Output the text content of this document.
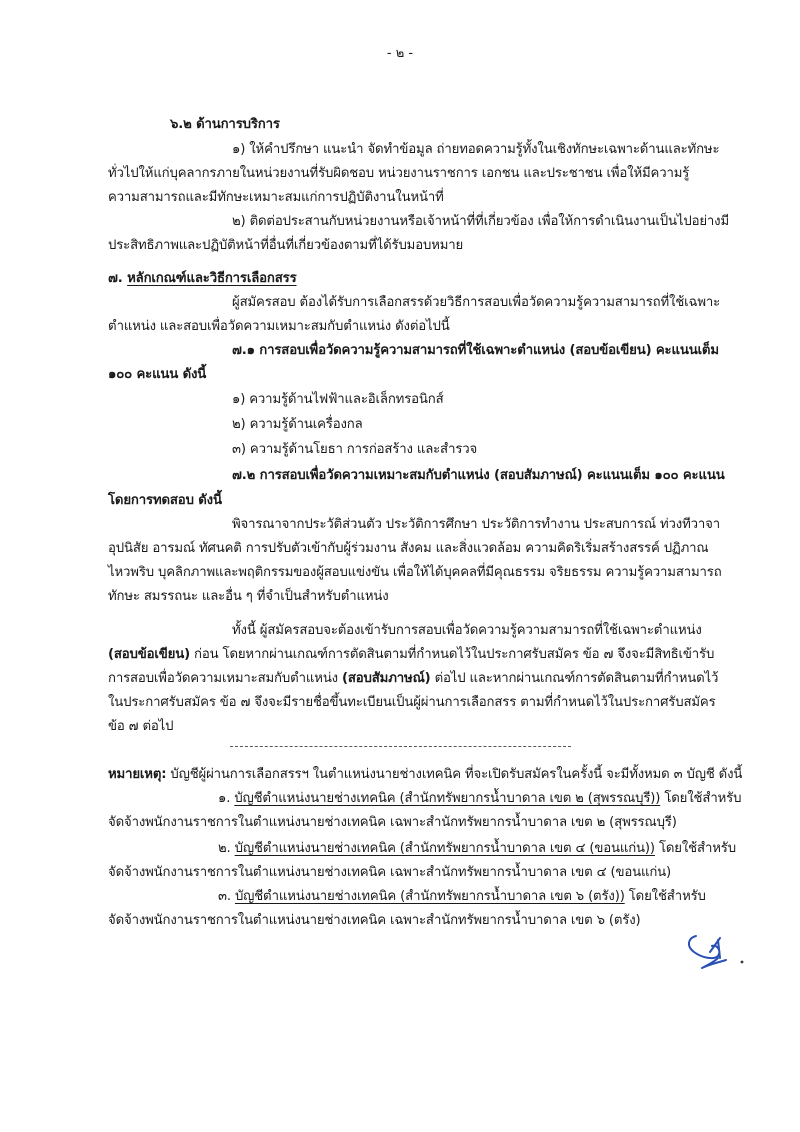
- ๒ -
๖.๒ ด้านการบริการ
๑) ให้คำปรึกษา แนะนำ จัดทำข้อมูล ถ่ายทอดความรู้ทั้งในเชิงทักษะเฉพาะด้านและทักษะ
ทั่วไปให้แก่บุคลากรภายในหน่วยงานที่รับผิดชอบ หน่วยงานราชการ เอกชน และประชาชน เพื่อให้มีความรู้
ความสามารถและมีทักษะเหมาะสมแก่การปฏิบัติงานในหน้าที่
๒) ติดต่อประสานกับหน่วยงานหรือเจ้าหน้าที่ที่เกี่ยวข้อง เพื่อให้การดำเนินงานเป็นไปอย่างมี
ประสิทธิภาพและปฏิบัติหน้าที่อื่นที่เกี่ยวข้องตามที่ได้รับมอบหมาย
๗. หลักเกณฑ์และวิธีการเลือกสรร
ผู้สมัครสอบ ต้องได้รับการเลือกสรรด้วยวิธีการสอบเพื่อวัดความรู้ความสามารถที่ใช้เฉพาะ
ตำแหน่ง และสอบเพื่อวัดความเหมาะสมกับตำแหน่ง ดังต่อไปนี้
๗.๑ การสอบเพื่อวัดความรู้ความสามารถที่ใช้เฉพาะตำแหน่ง (สอบข้อเขียน) คะแนนเต็ม
๑๐๐ คะแนน ดังนี้
๑) ความรู้ด้านไฟฟ้าและอิเล็กทรอนิกส์
๒) ความรู้ด้านเครื่องกล
๓) ความรู้ด้านโยธา การก่อสร้าง และสำรวจ
๗.๒ การสอบเพื่อวัดความเหมาะสมกับตำแหน่ง (สอบสัมภาษณ์) คะแนนเต็ม ๑๐๐ คะแนน
โดยการทดสอบ ดังนี้
พิจารณาจากประวัติส่วนตัว ประวัติการศึกษา ประวัติการทำงาน ประสบการณ์ ท่วงทีวาจา
อุปนิสัย อารมณ์ ทัศนคติ การปรับตัวเข้ากับผู้ร่วมงาน สังคม และสิ่งแวดล้อม ความคิดริเริ่มสร้างสรรค์ ปฏิภาณ
ไหวพริบ บุคลิกภาพและพฤติกรรมของผู้สอบแข่งขัน เพื่อให้ได้บุคคลที่มีคุณธรรม จริยธรรม ความรู้ความสามารถ
ทักษะ สมรรถนะ และอื่น ๆ ที่จำเป็นสำหรับตำแหน่ง
ทั้งนี้ ผู้สมัครสอบจะต้องเข้ารับการสอบเพื่อวัดความรู้ความสามารถที่ใช้เฉพาะตำแหน่ง
(สอบข้อเขียน) ก่อน โดยหากผ่านเกณฑ์การตัดสินตามที่กำหนดไว้ในประกาศรับสมัคร ข้อ ๗ จึงจะมีสิทธิเข้ารับ
การสอบเพื่อวัดความเหมาะสมกับตำแหน่ง (สอบสัมภาษณ์) ต่อไป และหากผ่านเกณฑ์การตัดสินตามที่กำหนดไว้
ในประกาศรับสมัคร ข้อ ๗ จึงจะมีรายชื่อขึ้นทะเบียนเป็นผู้ผ่านการเลือกสรร ตามที่กำหนดไว้ในประกาศรับสมัคร
ข้อ ๗ ต่อไป
หมายเหตุ: บัญชีผู้ผ่านการเลือกสรรฯ ในตำแหน่งนายช่างเทคนิค ที่จะเปิดรับสมัครในครั้งนี้ จะมีทั้งหมด ๓ บัญชี ดังนี้
๑. บัญชีตำแหน่งนายช่างเทคนิค (สำนักทรัพยากรน้ำบาดาล เขต ๒ (สุพรรณบุรี)) โดยใช้สำหรับ
จัดจ้างพนักงานราชการในตำแหน่งนายช่างเทคนิค เฉพาะสำนักทรัพยากรน้ำบาดาล เขต ๒ (สุพรรณบุรี)
๒. บัญชีตำแหน่งนายช่างเทคนิค (สำนักทรัพยากรน้ำบาดาล เขต ๔ (ขอนแก่น)) โดยใช้สำหรับ
จัดจ้างพนักงานราชการในตำแหน่งนายช่างเทคนิค เฉพาะสำนักทรัพยากรน้ำบาดาล เขต ๔ (ขอนแก่น)
๓. บัญชีตำแหน่งนายช่างเทคนิค (สำนักทรัพยากรน้ำบาดาล เขต ๖ (ตรัง)) โดยใช้สำหรับ
จัดจ้างพนักงานราชการในตำแหน่งนายช่างเทคนิค เฉพาะสำนักทรัพยากรน้ำบาดาล เขต ๖ (ตรัง)
